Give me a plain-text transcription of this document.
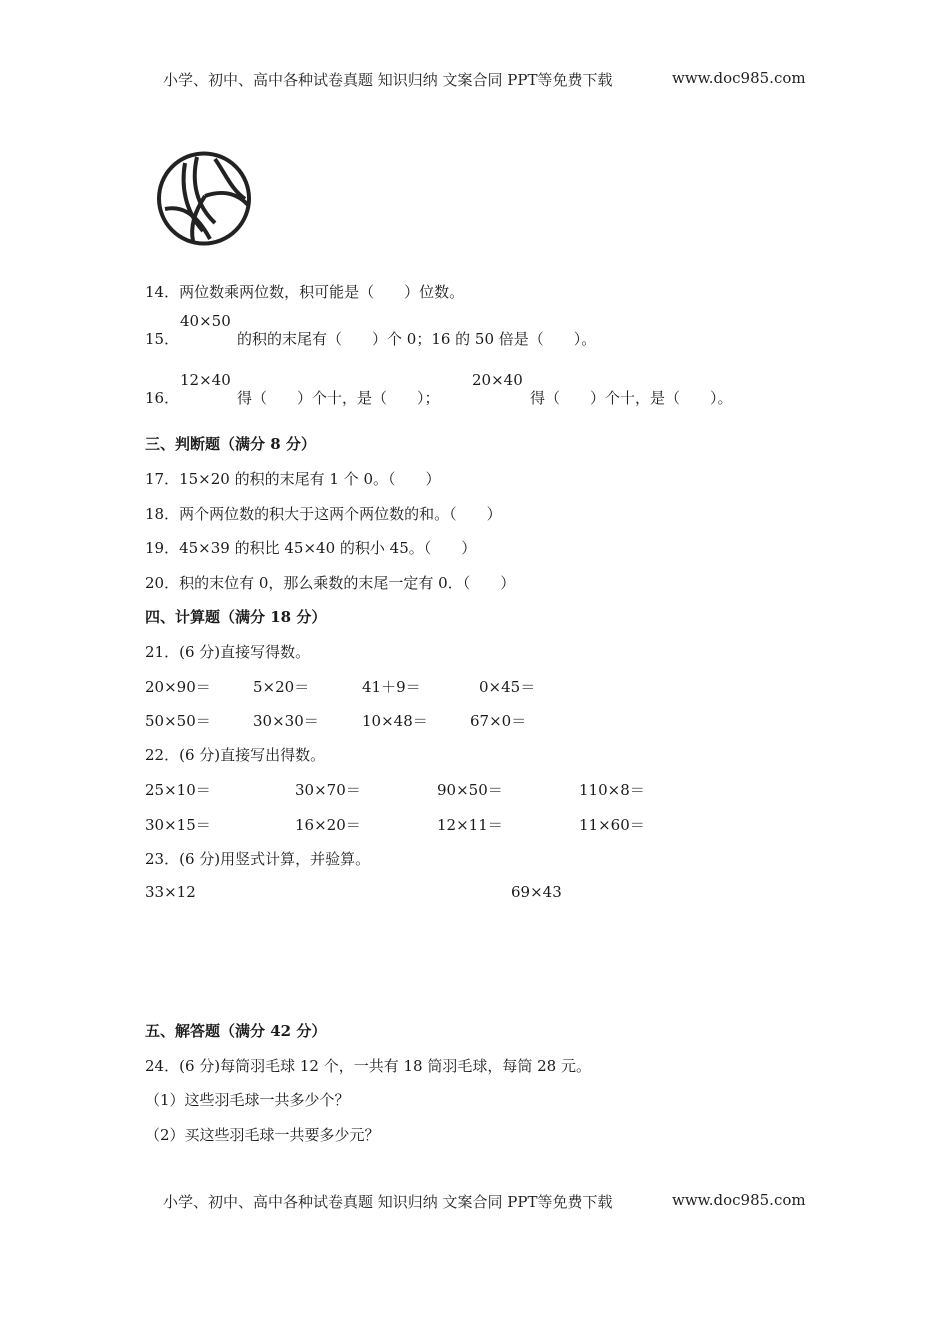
小学、初中、高中各种试卷真题 知识归纳 文案合同 PPT等免费下载	www.doc985.com
14．两位数乘两位数，积可能是（　　）位数。
15．
40×50
的积的末尾有（　　）个 0；16 的 50 倍是（　　）。
16．
12×40
得（　　）个十，是（　　）；
20×40
得（　　）个十，是（　　）。
三、判断题（满分 8 分）
17．15×20 的积的末尾有 1 个 0。（　　）
18．两个两位数的积大于这两个两位数的和。（　　）
19．45×39 的积比 45×40 的积小 45。（　　）
20．积的末位有 0，那么乘数的末尾一定有 0．（　　）
四、计算题（满分 18 分）
21．(6 分)直接写得数。
20×90＝	5×20＝	41＋9＝	0×45＝
50×50＝	30×30＝	10×48＝	67×0＝
22．(6 分)直接写出得数。
25×10＝	30×70＝	90×50＝	110×8＝
30×15＝	16×20＝	12×11＝	11×60＝
23．(6 分)用竖式计算，并验算。
33×12	69×43
五、解答题（满分 42 分）
24．(6 分)每筒羽毛球 12 个，一共有 18 筒羽毛球，每筒 28 元。
（1）这些羽毛球一共多少个？
（2）买这些羽毛球一共要多少元？
小学、初中、高中各种试卷真题 知识归纳 文案合同 PPT等免费下载	www.doc985.com
